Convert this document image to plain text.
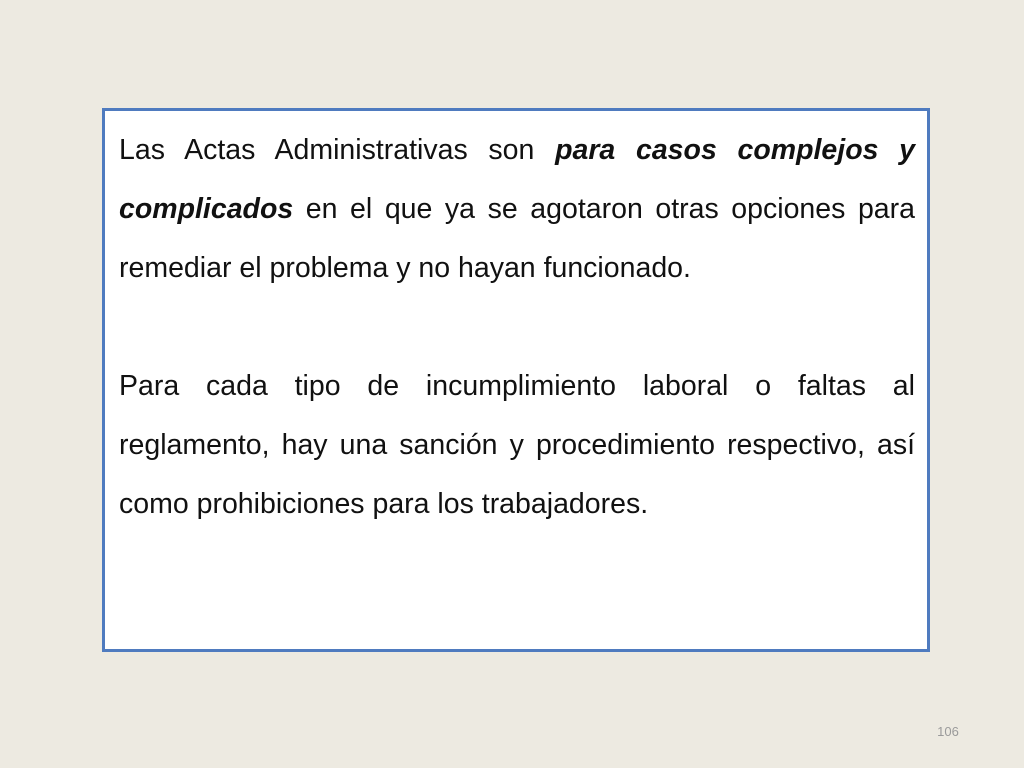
Las Actas Administrativas son para casos complejos y complicados en el que ya se agotaron otras opciones para remediar el problema y no hayan funcionado.

Para cada tipo de incumplimiento laboral o faltas al reglamento, hay una sanción y procedimiento respectivo, así como prohibiciones para los trabajadores.

106
